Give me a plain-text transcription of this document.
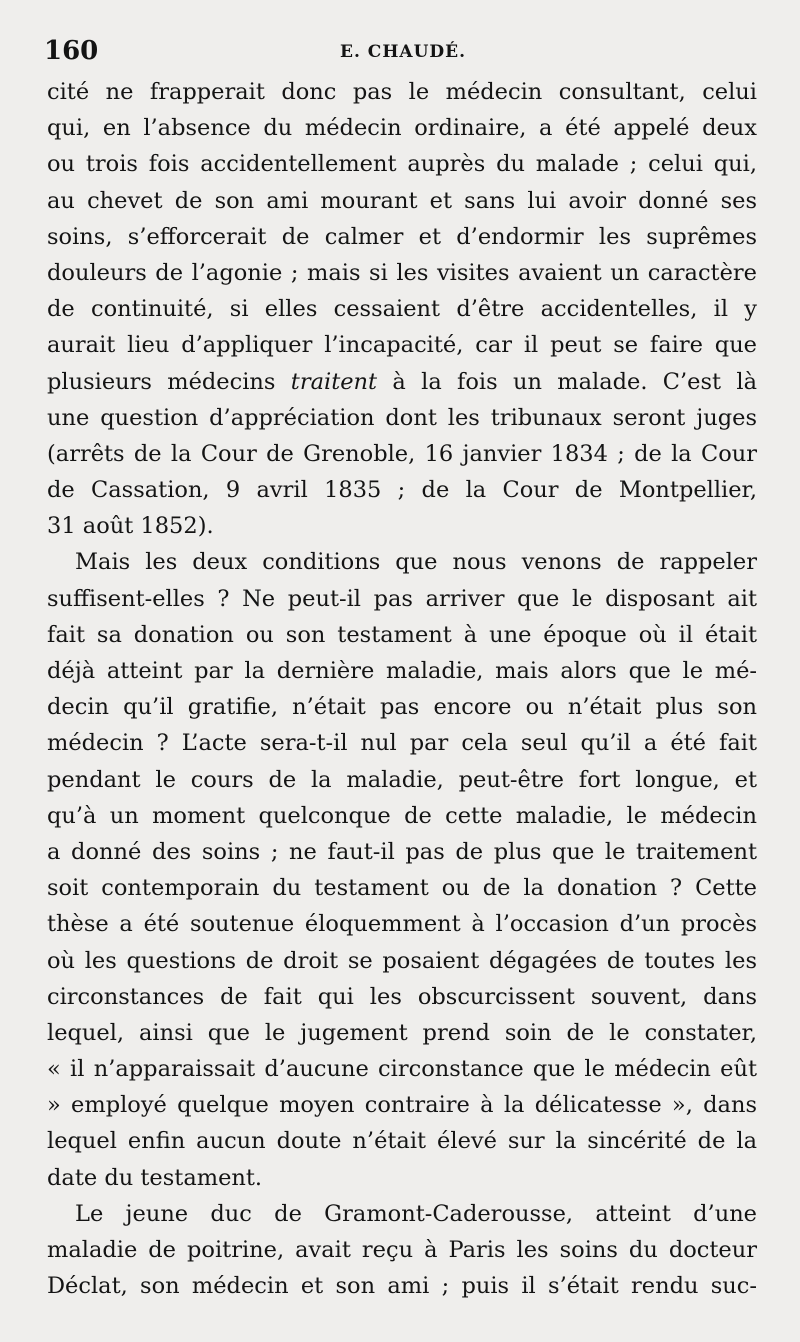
160	E. CHAUDÉ.
cité ne frapperait donc pas le médecin consultant, celui
qui, en l’absence du médecin ordinaire, a été appelé deux
ou trois fois accidentellement auprès du malade ; celui qui,
au chevet de son ami mourant et sans lui avoir donné ses
soins, s’efforcerait de calmer et d’endormir les suprêmes
douleurs de l’agonie ; mais si les visites avaient un caractère
de continuité, si elles cessaient d’être accidentelles, il y
aurait lieu d’appliquer l’incapacité, car il peut se faire que
plusieurs médecins traitent à la fois un malade. C’est là
une question d’appréciation dont les tribunaux seront juges
(arrêts de la Cour de Grenoble, 16 janvier 1834 ; de la Cour
de Cassation, 9 avril 1835 ; de la Cour de Montpellier,
31 août 1852).
Mais les deux conditions que nous venons de rappeler
suffisent-elles ? Ne peut-il pas arriver que le disposant ait
fait sa donation ou son testament à une époque où il était
déjà atteint par la dernière maladie, mais alors que le mé-
decin qu’il gratifie, n’était pas encore ou n’était plus son
médecin ? L’acte sera-t-il nul par cela seul qu’il a été fait
pendant le cours de la maladie, peut-être fort longue, et
qu’à un moment quelconque de cette maladie, le médecin
a donné des soins ; ne faut-il pas de plus que le traitement
soit contemporain du testament ou de la donation ? Cette
thèse a été soutenue éloquemment à l’occasion d’un procès
où les questions de droit se posaient dégagées de toutes les
circonstances de fait qui les obscurcissent souvent, dans
lequel, ainsi que le jugement prend soin de le constater,
« il n’apparaissait d’aucune circonstance que le médecin eût
» employé quelque moyen contraire à la délicatesse », dans
lequel enfin aucun doute n’était élevé sur la sincérité de la
date du testament.
Le jeune duc de Gramont-Caderousse, atteint d’une
maladie de poitrine, avait reçu à Paris les soins du docteur
Déclat, son médecin et son ami ; puis il s’était rendu suc-
